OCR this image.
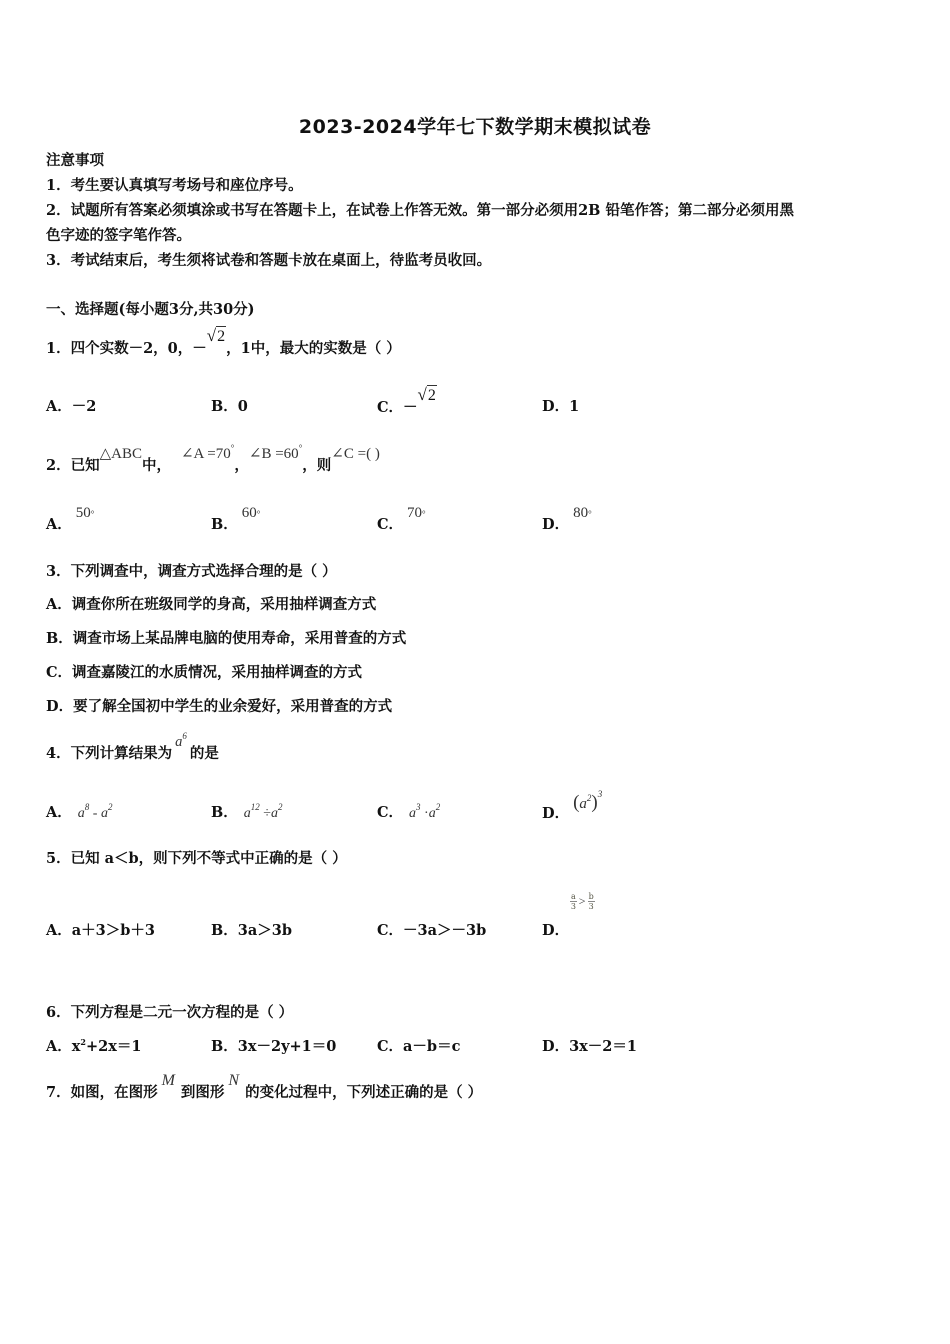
2023-2024学年七下数学期末模拟试卷
注意事项
1．考生要认真填写考场号和座位序号。
2．试题所有答案必须填涂或书写在答题卡上，在试卷上作答无效。第一部分必须用2B 铅笔作答；第二部分必须用黑
色字迹的签字笔作答。
3．考试结束后，考生须将试卷和答题卡放在桌面上，待监考员收回。
一、选择题(每小题3分,共30分)
1．四个实数－2，0，－√2，1中，最大的实数是（ ）
A．－2	B．0	C．－√2
D．1
2．已知△ABC中，∠A =70°，∠B =60°，则∠C =( )
A．50°
B．60°
C．70°
D．80°
3．下列调查中，调查方式选择合理的是（ ）
A．调查你所在班级同学的身高，采用抽样调查方式
B．调查市场上某品牌电脑的使用寿命，采用普查的方式
C．调查嘉陵江的水质情况，采用抽样调查的方式
D．要了解全国初中学生的业余爱好，采用普查的方式
4．下列计算结果为$a^6$的是
A． $a^8 - a^2$	B． $a^{12} \div a^2$	C． $a^3 \cdot a^2$	D．$(a^2)^3$
5．已知 a＜b，则下列不等式中正确的是（ ）
A．a＋3＞b＋3	B．3a＞3b	C．－3a＞－3b	D．
$\frac{a}{3} > \frac{b}{3}$
6．下列方程是二元一次方程的是（ ）
A．$x^2+2x=1$	B．3x－2y+1＝0	C．a－b＝c	D．3x－2＝1
7．如图，在图形M到图形N的变化过程中，下列述正确的是（ ）
